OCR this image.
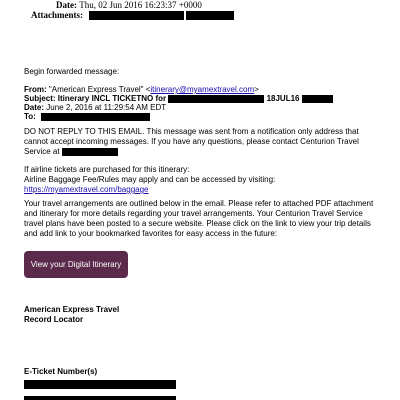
Date: Thu, 02 Jun 2016 16:23:37 +0000
Attachments:
Begin forwarded message:
From: "American Express Travel" <itinerary@myamextravel.com>
Subject: Itinerary INCL TICKETNO for	18JUL16
Date: June 2, 2016 at 11:29:54 AM EDT
To:
DO NOT REPLY TO THIS EMAIL. This message was sent from a notification only address that
cannot accept incoming messages. If you have any questions, please contact Centurion Travel
Service at
If airline tickets are purchased for this itinerary:
Airline Baggage Fee/Rules may apply and can be accessed by visiting:
https://myamextravel.com/baggage
Your travel arrangements are outlined below in the email. Please refer to attached PDF attachment
and itinerary for more details regarding your travel arrangements. Your Centurion Travel Service
travel plans have been posted to a secure website. Please click on the link to view your trip details
and add link to your bookmarked favorites for easy access in the future:
View your Digital Itinerary
American Express Travel
Record Locator
E-Ticket Number(s)
